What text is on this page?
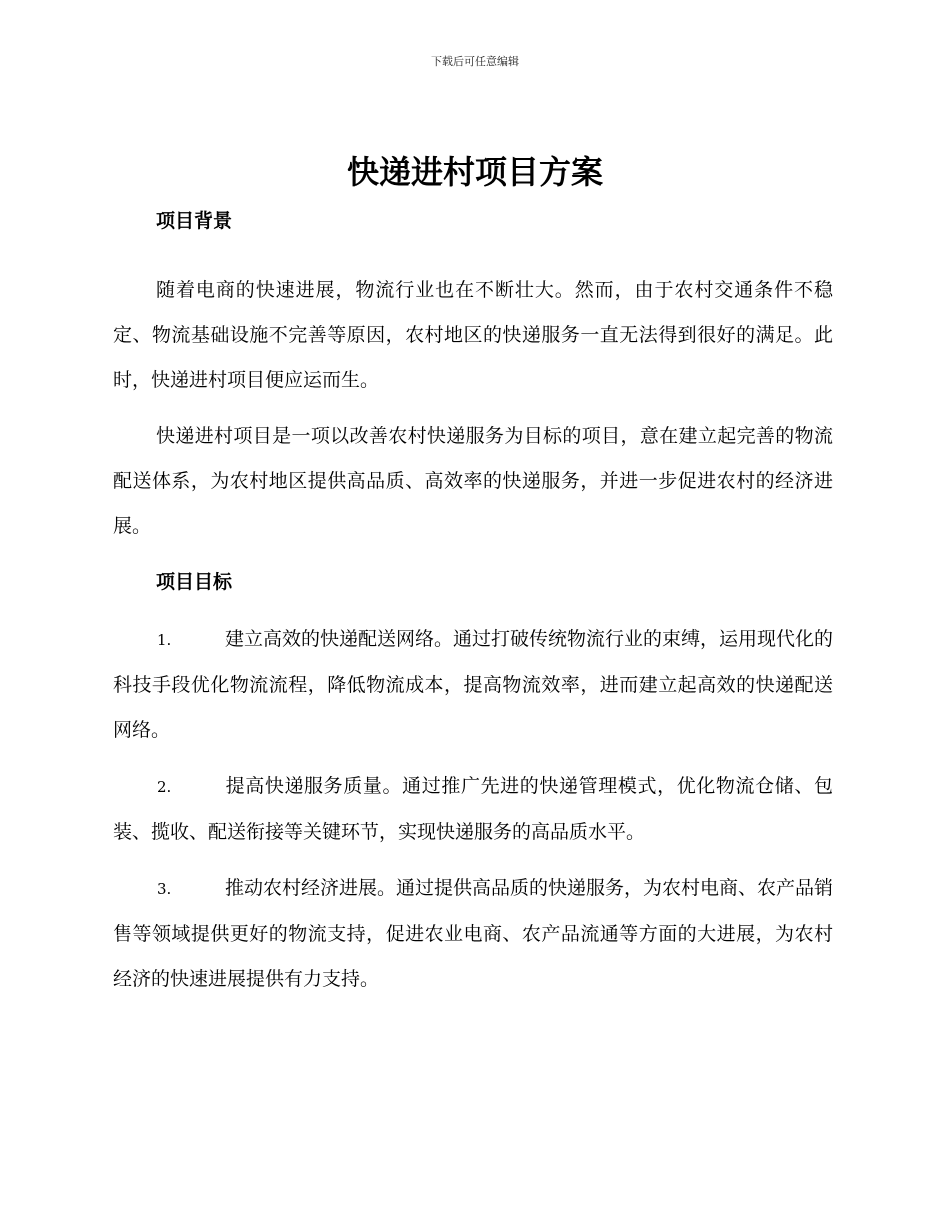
下载后可任意编辑
快递进村项目方案
项目背景

随着电商的快速进展，物流行业也在不断壮大。然而，由于农村交通条件不稳定、物流基础设施不完善等原因，农村地区的快递服务一直无法得到很好的满足。此时，快递进村项目便应运而生。

快递进村项目是一项以改善农村快递服务为目标的项目，意在建立起完善的物流配送体系，为农村地区提供高品质、高效率的快递服务，并进一步促进农村的经济进展。

项目目标

1.	建立高效的快递配送网络。通过打破传统物流行业的束缚，运用现代化的科技手段优化物流流程，降低物流成本，提高物流效率，进而建立起高效的快递配送网络。

2.	提高快递服务质量。通过推广先进的快递管理模式，优化物流仓储、包装、揽收、配送衔接等关键环节，实现快递服务的高品质水平。

3.	推动农村经济进展。通过提供高品质的快递服务，为农村电商、农产品销售等领域提供更好的物流支持，促进农业电商、农产品流通等方面的大进展，为农村经济的快速进展提供有力支持。
